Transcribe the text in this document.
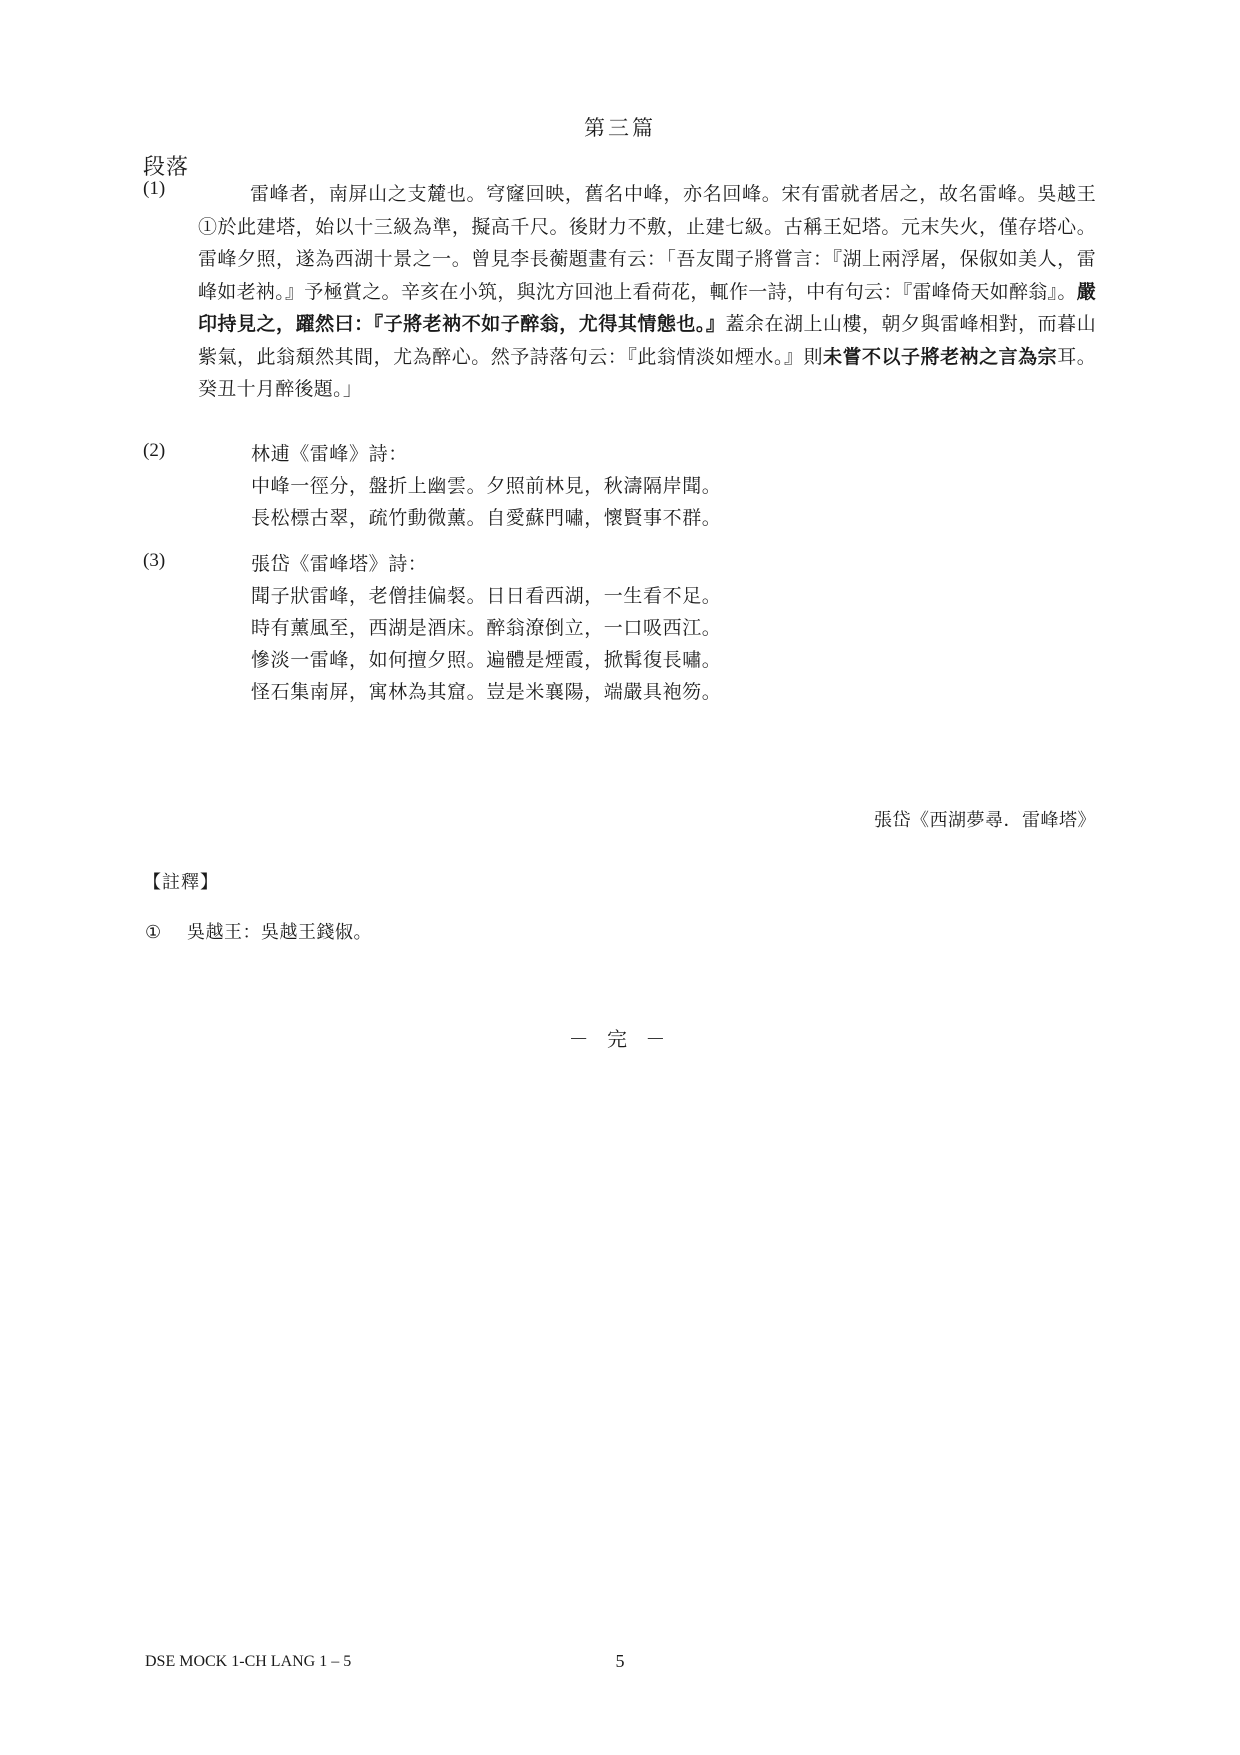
第三篇
段落
(1)	雷峰者，南屏山之支麓也。穹窿回映，舊名中峰，亦名回峰。宋有雷就者居之，故名雷峰。吳越王①於此建塔，始以十三級為準，擬高千尺。後財力不敷，止建七級。古稱王妃塔。元末失火，僅存塔心。雷峰夕照，遂為西湖十景之一。曾見李長蘅題畫有云：「吾友聞子將嘗言：『湖上兩浮屠，保俶如美人，雷峰如老衲。』予極賞之。辛亥在小筑，與沈方回池上看荷花，輒作一詩，中有句云：『雷峰倚天如醉翁』。嚴印持見之，躍然曰：『子將老衲不如子醉翁，尤得其情態也。』蓋余在湖上山樓，朝夕與雷峰相對，而暮山紫氣，此翁頹然其間，尤為醉心。然予詩落句云：『此翁情淡如煙水。』則未嘗不以子將老衲之言為宗耳。癸丑十月醉後題。」
(2)	林逋《雷峰》詩：
中峰一徑分，盤折上幽雲。夕照前林見，秋濤隔岸聞。
長松標古翠，疏竹動微薰。自愛蘇門嘯，懷賢事不群。
(3)	張岱《雷峰塔》詩：
聞子狀雷峰，老僧挂偏裻。日日看西湖，一生看不足。
時有薰風至，西湖是酒床。醉翁潦倒立，一口吸西江。
慘淡一雷峰，如何擅夕照。遍體是煙霞，掀髯復長嘯。
怪石集南屏，寓林為其窟。豈是米襄陽，端嚴具袍笏。
張岱《西湖夢尋．雷峰塔》
【註釋】
① 吳越王：吳越王錢俶。
－ 完 －
DSE MOCK 1-CH LANG 1 – 5	5
